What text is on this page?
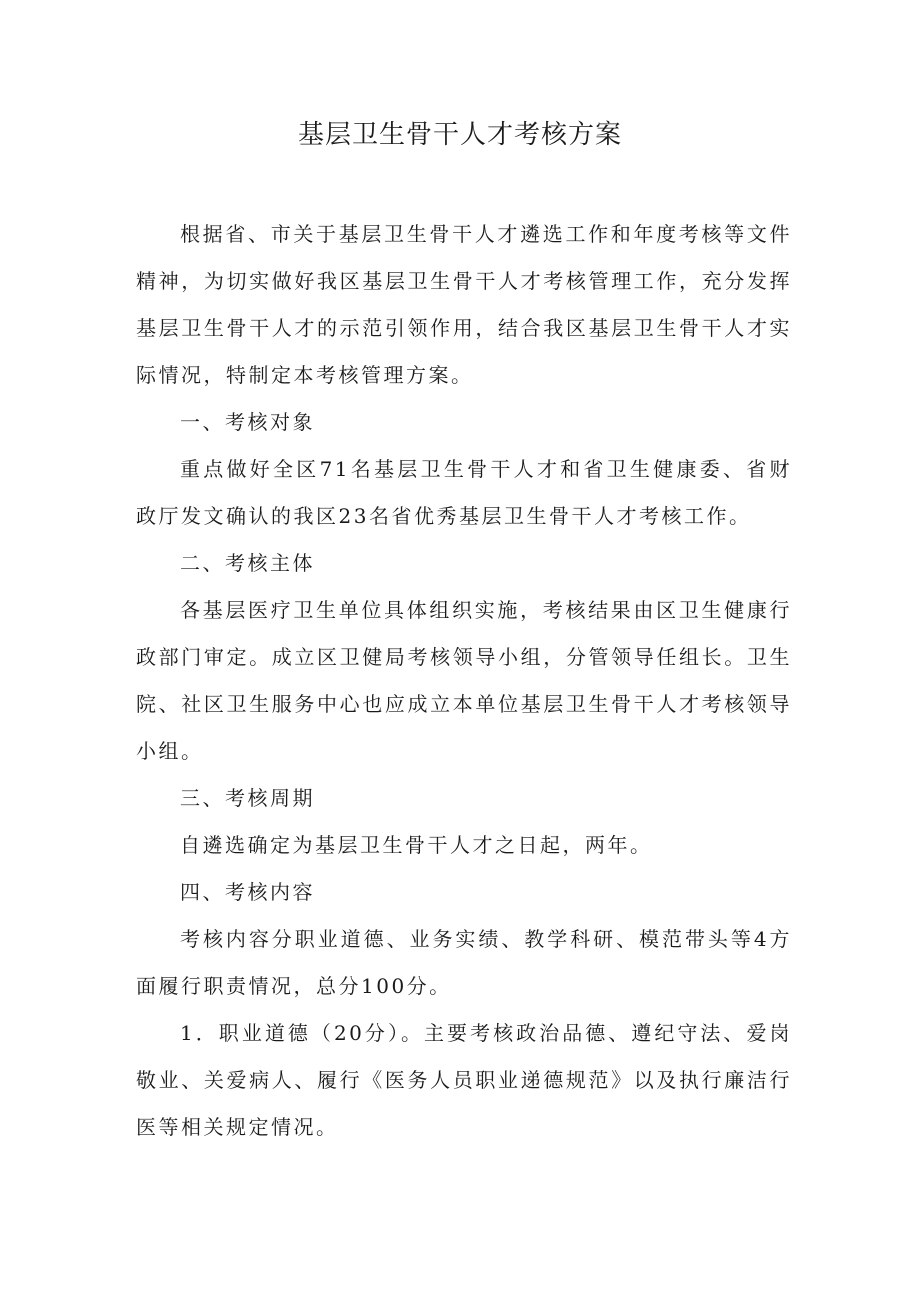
基层卫生骨干人才考核方案

根据省、市关于基层卫生骨干人才遴选工作和年度考核等文件精神，为切实做好我区基层卫生骨干人才考核管理工作，充分发挥基层卫生骨干人才的示范引领作用，结合我区基层卫生骨干人才实际情况，特制定本考核管理方案。

一、考核对象

重点做好全区71名基层卫生骨干人才和省卫生健康委、省财政厅发文确认的我区23名省优秀基层卫生骨干人才考核工作。

二、考核主体

各基层医疗卫生单位具体组织实施，考核结果由区卫生健康行政部门审定。成立区卫健局考核领导小组，分管领导任组长。卫生院、社区卫生服务中心也应成立本单位基层卫生骨干人才考核领导小组。

三、考核周期

自遴选确定为基层卫生骨干人才之日起，两年。

四、考核内容

考核内容分职业道德、业务实绩、教学科研、模范带头等4方面履行职责情况，总分100分。

1．职业道德（20分）。主要考核政治品德、遵纪守法、爱岗敬业、关爱病人、履行《医务人员职业递德规范》以及执行廉洁行医等相关规定情况。
